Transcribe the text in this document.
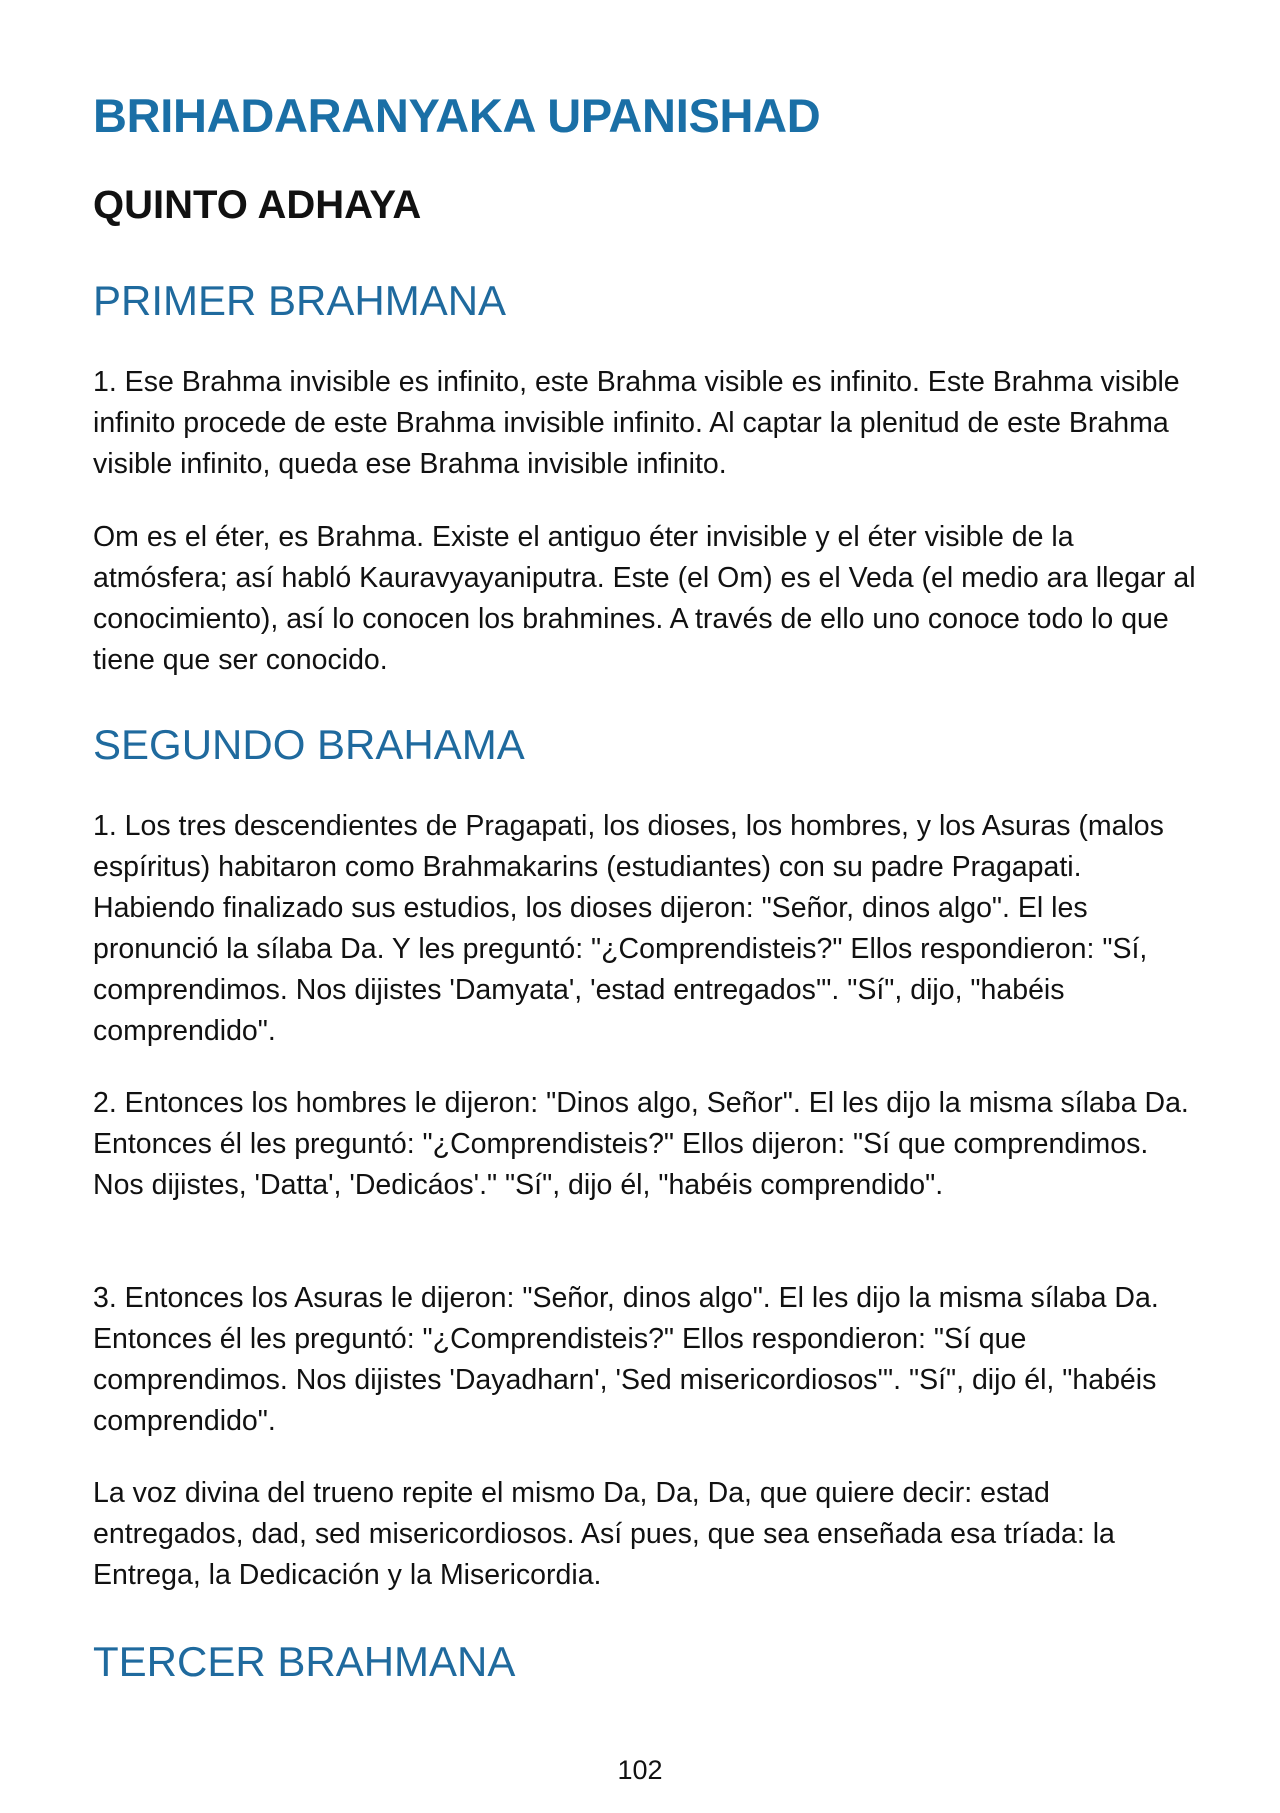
BRIHADARANYAKA UPANISHAD
QUINTO ADHAYA
PRIMER BRAHMANA

1. Ese Brahma invisible es infinito, este Brahma visible es infinito. Este Brahma visible infinito procede de este Brahma invisible infinito. Al captar la plenitud de este Brahma visible infinito, queda ese Brahma invisible infinito.

Om es el éter, es Brahma. Existe el antiguo éter invisible y el éter visible de la atmósfera; así habló Kauravyayaniputra. Este (el Om) es el Veda (el medio ara llegar al conocimiento), así lo conocen los brahmines. A través de ello uno conoce todo lo que tiene que ser conocido.

SEGUNDO BRAHAMA

1. Los tres descendientes de Pragapati, los dioses, los hombres, y los Asuras (malos espíritus) habitaron como Brahmakarins (estudiantes) con su padre Pragapati. Habiendo finalizado sus estudios, los dioses dijeron: "Señor, dinos algo". El les pronunció la sílaba Da. Y les preguntó: "¿Comprendisteis?" Ellos respondieron: "Sí, comprendimos. Nos dijistes 'Damyata', 'estad entregados'". "Sí", dijo, "habéis comprendido".

2. Entonces los hombres le dijeron: "Dinos algo, Señor". El les dijo la misma sílaba Da. Entonces él les preguntó: "¿Comprendisteis?" Ellos dijeron: "Sí que comprendimos. Nos dijistes, 'Datta', 'Dedicáos'." "Sí", dijo él, "habéis comprendido".

3. Entonces los Asuras le dijeron: "Señor, dinos algo". El les dijo la misma sílaba Da. Entonces él les preguntó: "¿Comprendisteis?" Ellos respondieron: "Sí que comprendimos. Nos dijistes 'Dayadharn', 'Sed misericordiosos'". "Sí", dijo él, "habéis comprendido".

La voz divina del trueno repite el mismo Da, Da, Da, que quiere decir: estad entregados, dad, sed misericordiosos. Así pues, que sea enseñada esa tríada: la Entrega, la Dedicación y la Misericordia.

TERCER BRAHMANA
102
